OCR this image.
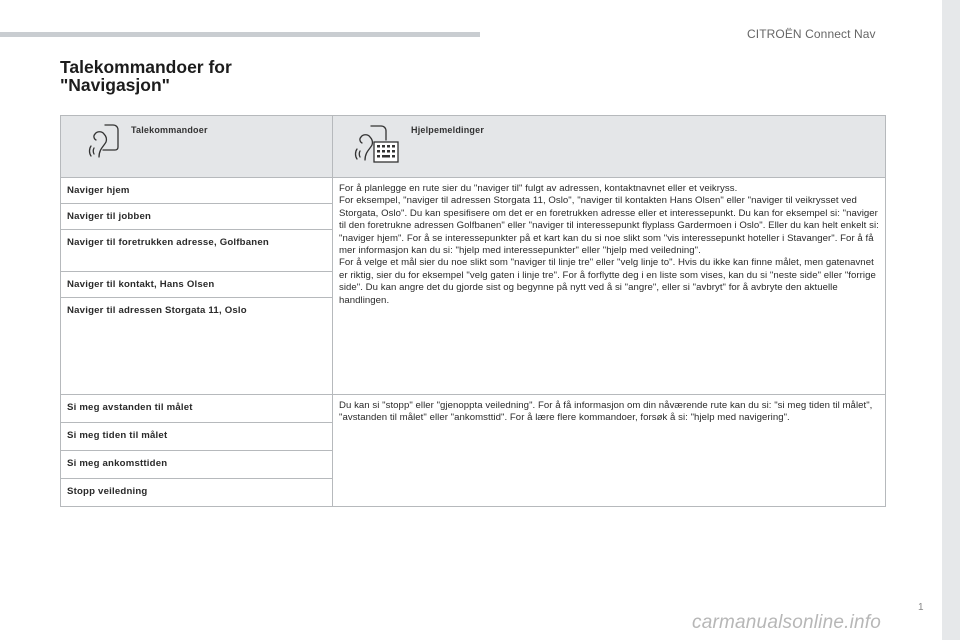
CITROËN Connect Nav
Talekommandoer for
"Navigasjon"
Talekommandoer	Hjelpemeldinger

Naviger hjem	For å planlegge en rute sier du "naviger til" fulgt av adressen, kontaktnavnet eller et veikryss.

For eksempel, "naviger til adressen Storgata 11, Oslo", "naviger til kontakten Hans Olsen" eller "naviger til veikrysset ved Storgata, Oslo". Du kan spesifisere om det er en foretrukken adresse eller et interessepunkt. Du kan for eksempel si: "naviger til den foretrukne adressen Golfbanen" eller "naviger til interessepunkt flyplass Gardermoen i Oslo". Eller du kan helt enkelt si: "naviger hjem". For å se interessepunkter på et kart kan du si noe slikt som "vis interessepunkt hoteller i Stavanger". For å få mer informasjon kan du si: "hjelp med interessepunkter" eller "hjelp med veiledning".

For å velge et mål sier du noe slikt som "naviger til linje tre" eller "velg linje to". Hvis du ikke kan finne målet, men gatenavnet er riktig, sier du for eksempel "velg gaten i linje tre". For å forflytte deg i en liste som vises, kan du si "neste side" eller "forrige side". Du kan angre det du gjorde sist og begynne på nytt ved å si "angre", eller si "avbryt" for å avbryte den aktuelle handlingen.

Naviger til jobben	
Naviger til foretrukken adresse, Golfbanen	
Naviger til kontakt, Hans Olsen	
Naviger til adressen Storgata 11, Oslo	
Si meg avstanden til målet	Du kan si "stopp" eller "gjenoppta veiledning". For å få informasjon om din nåværende rute kan du si: "si meg tiden til målet", "avstanden til målet" eller "ankomsttid". For å lære flere kommandoer, forsøk å si: "hjelp med navigering".

Si meg tiden til målet	
Si meg ankomsttiden	
Stopp veiledning	
1
carmanualsonline.info
